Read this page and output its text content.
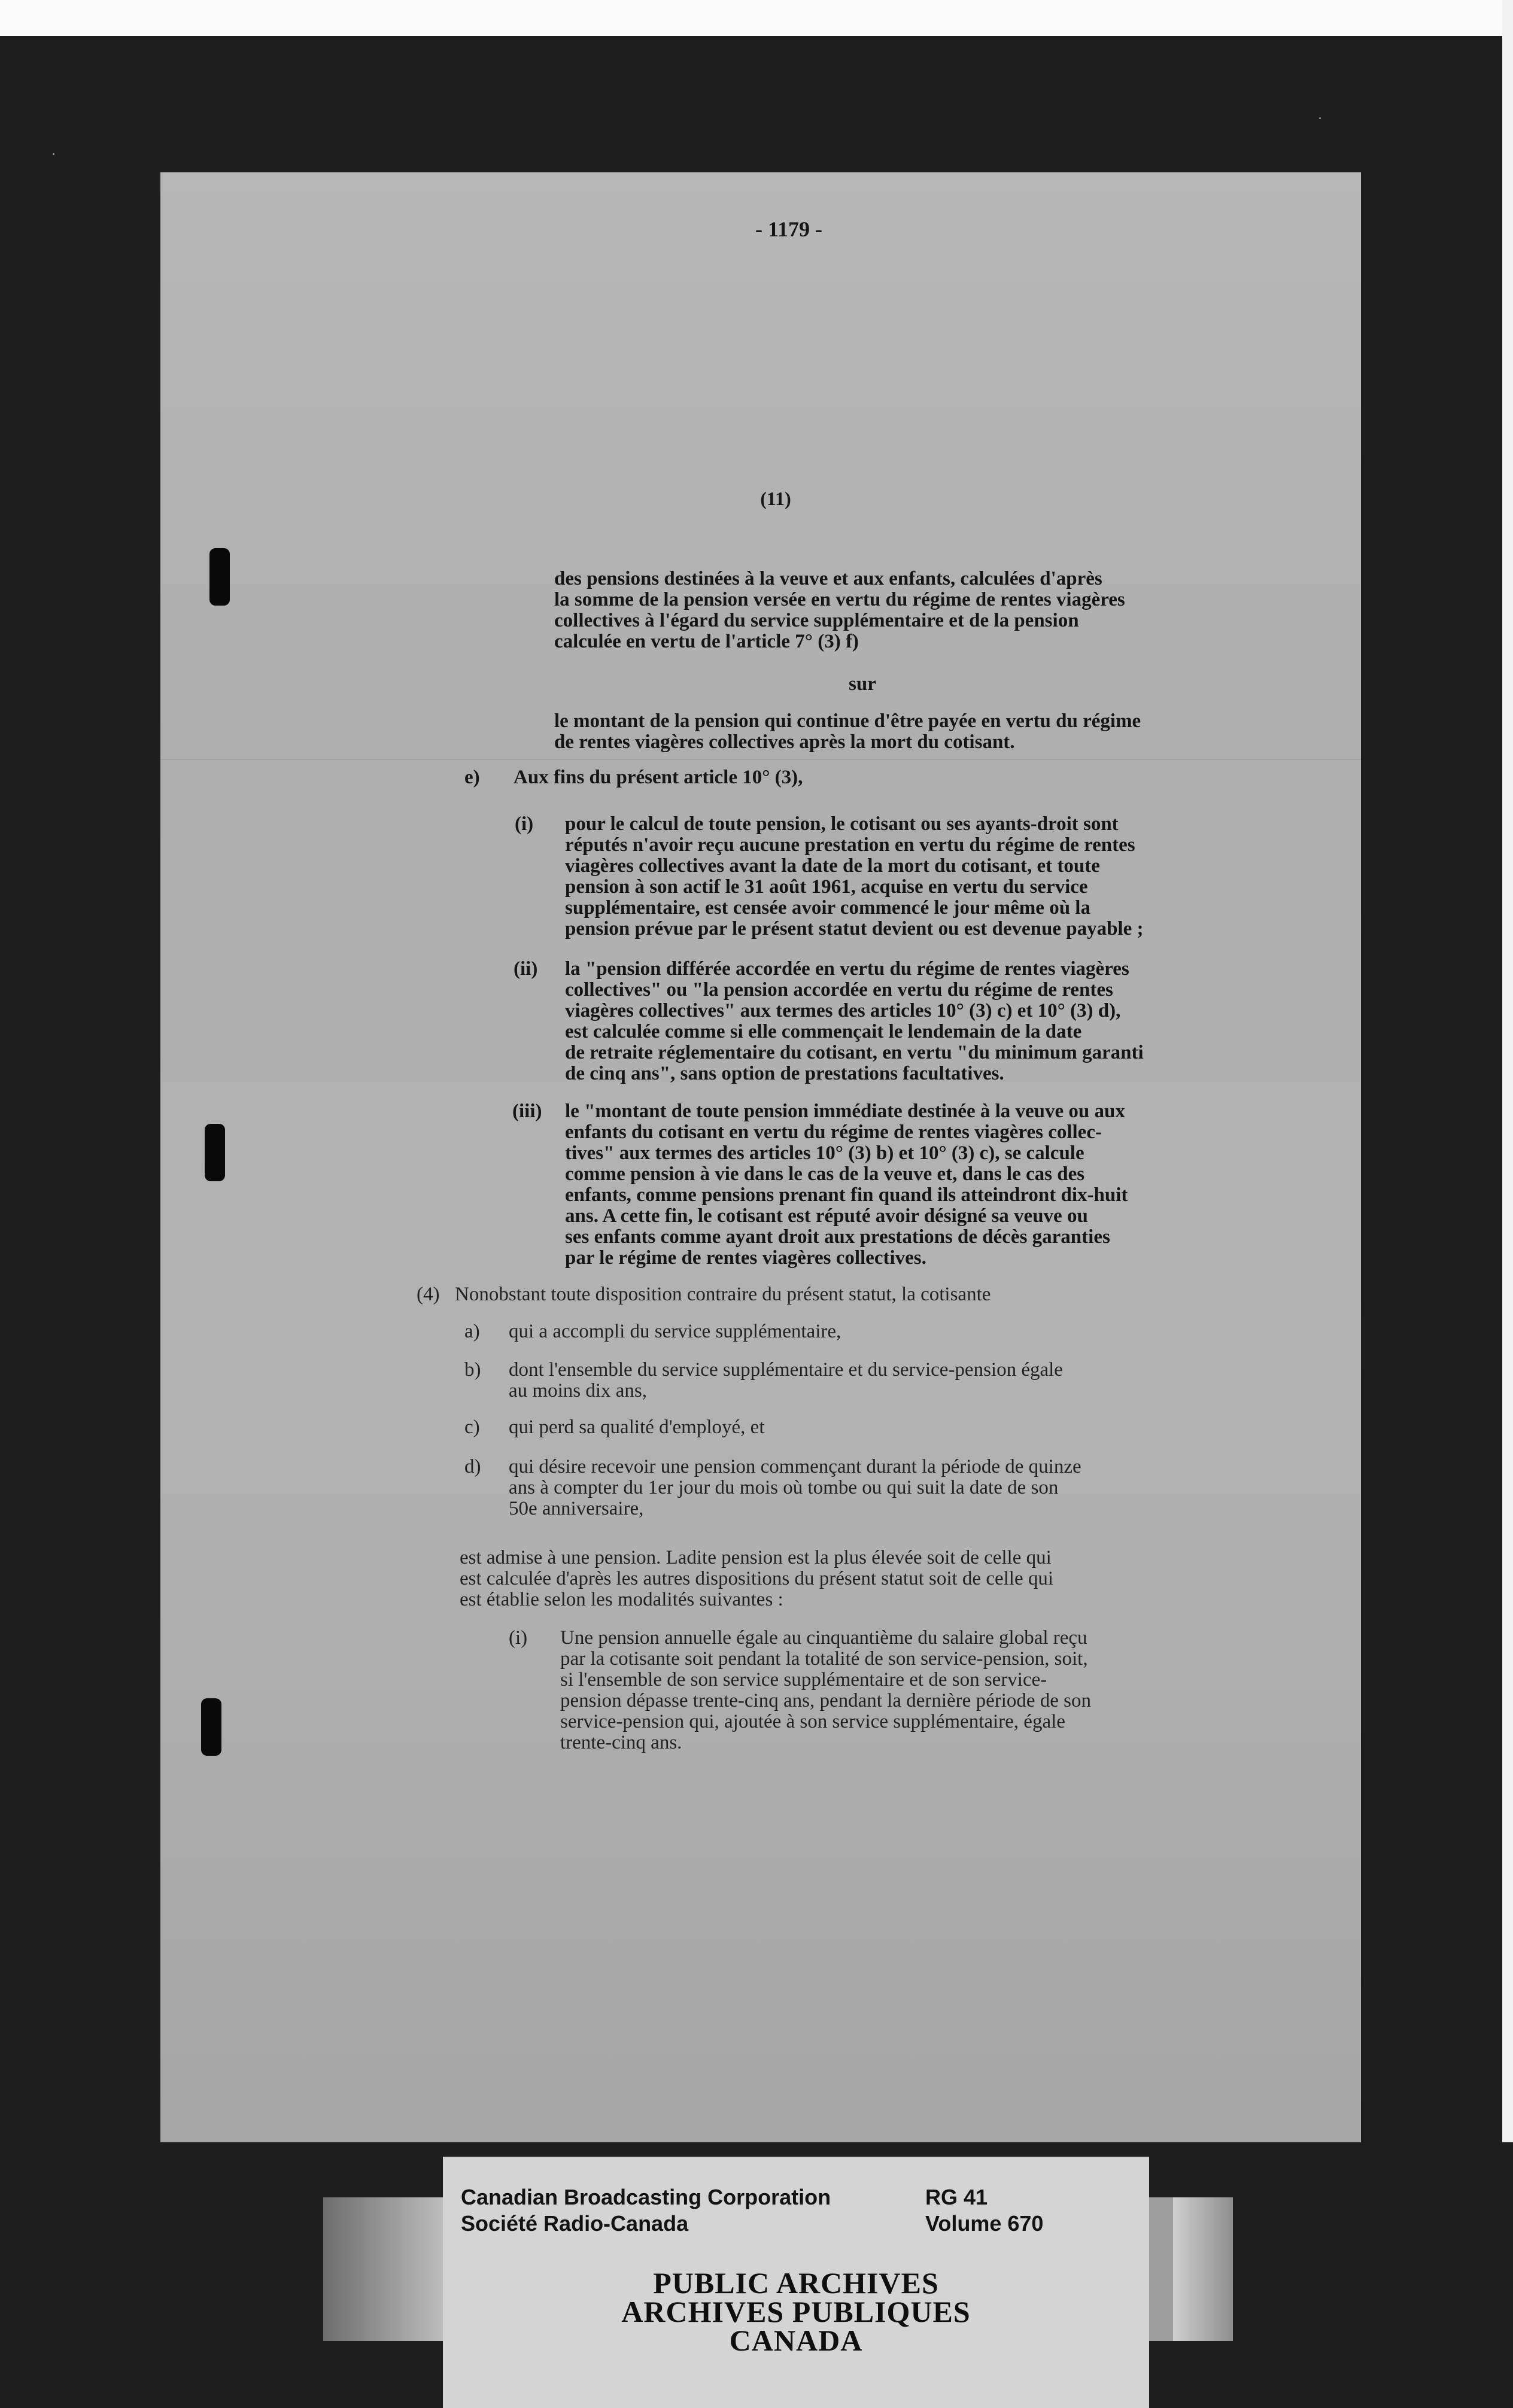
- 1179 -
(11)
des pensions destinées à la veuve et aux enfants, calculées d'après
la somme de la pension versée en vertu du régime de rentes viagères
collectives à l'égard du service supplémentaire et de la pension
calculée en vertu de l'article 7° (3) f)
sur
le montant de la pension qui continue d'être payée en vertu du régime
de rentes viagères collectives après la mort du cotisant.
e) Aux fins du présent article 10° (3),
(i) pour le calcul de toute pension, le cotisant ou ses ayants-droit sont
réputés n'avoir reçu aucune prestation en vertu du régime de rentes
viagères collectives avant la date de la mort du cotisant, et toute
pension à son actif le 31 août 1961, acquise en vertu du service
supplémentaire, est censée avoir commencé le jour même où la
pension prévue par le présent statut devient ou est devenue payable ;
(ii) la "pension différée accordée en vertu du régime de rentes viagères
collectives" ou "la pension accordée en vertu du régime de rentes
viagères collectives" aux termes des articles 10° (3) c) et 10° (3) d),
est calculée comme si elle commençait le lendemain de la date
de retraite réglementaire du cotisant, en vertu "du minimum garanti
de cinq ans", sans option de prestations facultatives.
(iii) le "montant de toute pension immédiate destinée à la veuve ou aux
enfants du cotisant en vertu du régime de rentes viagères collec-
tives" aux termes des articles 10° (3) b) et 10° (3) c), se calcule
comme pension à vie dans le cas de la veuve et, dans le cas des
enfants, comme pensions prenant fin quand ils atteindront dix-huit
ans. A cette fin, le cotisant est réputé avoir désigné sa veuve ou
ses enfants comme ayant droit aux prestations de décès garanties
par le régime de rentes viagères collectives.
(4) Nonobstant toute disposition contraire du présent statut, la cotisante
a) qui a accompli du service supplémentaire,
b) dont l'ensemble du service supplémentaire et du service-pension égale
au moins dix ans,
c) qui perd sa qualité d'employé, et
d) qui désire recevoir une pension commençant durant la période de quinze
ans à compter du 1er jour du mois où tombe ou qui suit la date de son
50e anniversaire,
est admise à une pension. Ladite pension est la plus élevée soit de celle qui
est calculée d'après les autres dispositions du présent statut soit de celle qui
est établie selon les modalités suivantes :
(i) Une pension annuelle égale au cinquantième du salaire global reçu
par la cotisante soit pendant la totalité de son service-pension, soit,
si l'ensemble de son service supplémentaire et de son service-
pension dépasse trente-cinq ans, pendant la dernière période de son
service-pension qui, ajoutée à son service supplémentaire, égale
trente-cinq ans.
Canadian Broadcasting Corporation
Société Radio-Canada
RG 41
Volume 670
PUBLIC ARCHIVES
ARCHIVES PUBLIQUES
CANADA
